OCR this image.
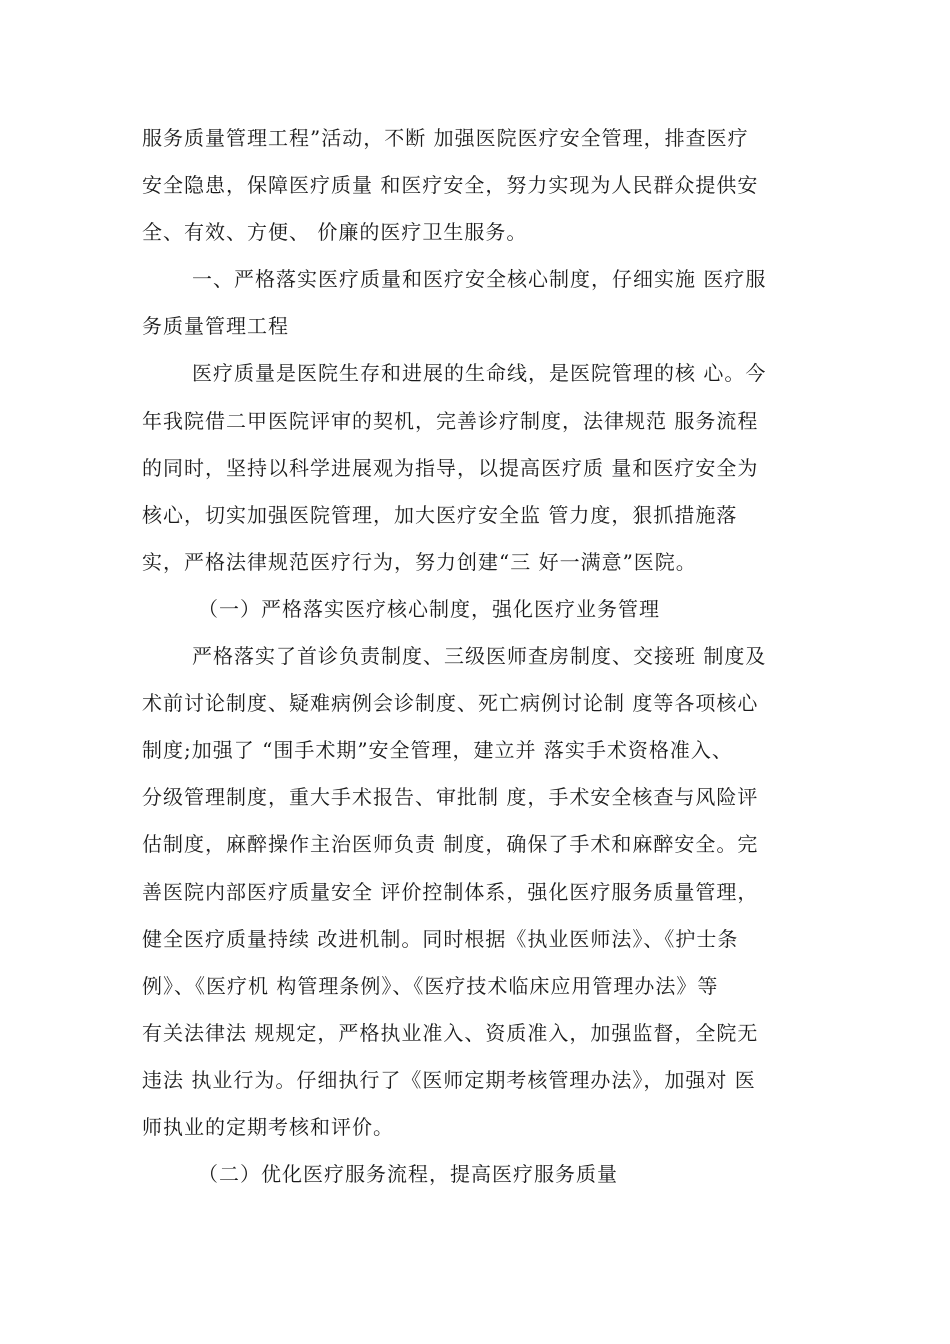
服务质量管理工程”活动，不断 加强医院医疗安全管理，排查医疗
安全隐患，保障医疗质量 和医疗安全，努力实现为人民群众提供安
全、有效、方便、 价廉的医疗卫生服务。
一、严格落实医疗质量和医疗安全核心制度，仔细实施 医疗服
务质量管理工程
医疗质量是医院生存和进展的生命线，是医院管理的核 心。今
年我院借二甲医院评审的契机，完善诊疗制度，法律规范 服务流程
的同时，坚持以科学进展观为指导，以提高医疗质 量和医疗安全为
核心，切实加强医院管理，加大医疗安全监 管力度，狠抓措施落
实，严格法律规范医疗行为，努力创建“三 好一满意”医院。
（一）严格落实医疗核心制度，强化医疗业务管理
严格落实了首诊负责制度、三级医师查房制度、交接班 制度及
术前讨论制度、疑难病例会诊制度、死亡病例讨论制 度等各项核心
制度;加强了 “围手术期”安全管理，建立并 落实手术资格准入、
分级管理制度，重大手术报告、审批制 度，手术安全核查与风险评
估制度，麻醉操作主治医师负责 制度，确保了手术和麻醉安全。完
善医院内部医疗质量安全 评价控制体系，强化医疗服务质量管理，
健全医疗质量持续 改进机制。同时根据《执业医师法》、《护士条
例》、《医疗机 构管理条例》、《医疗技术临床应用管理办法》等
有关法律法 规规定，严格执业准入、资质准入，加强监督，全院无
违法 执业行为。仔细执行了《医师定期考核管理办法》，加强对 医
师执业的定期考核和评价。
（二）优化医疗服务流程，提高医疗服务质量
